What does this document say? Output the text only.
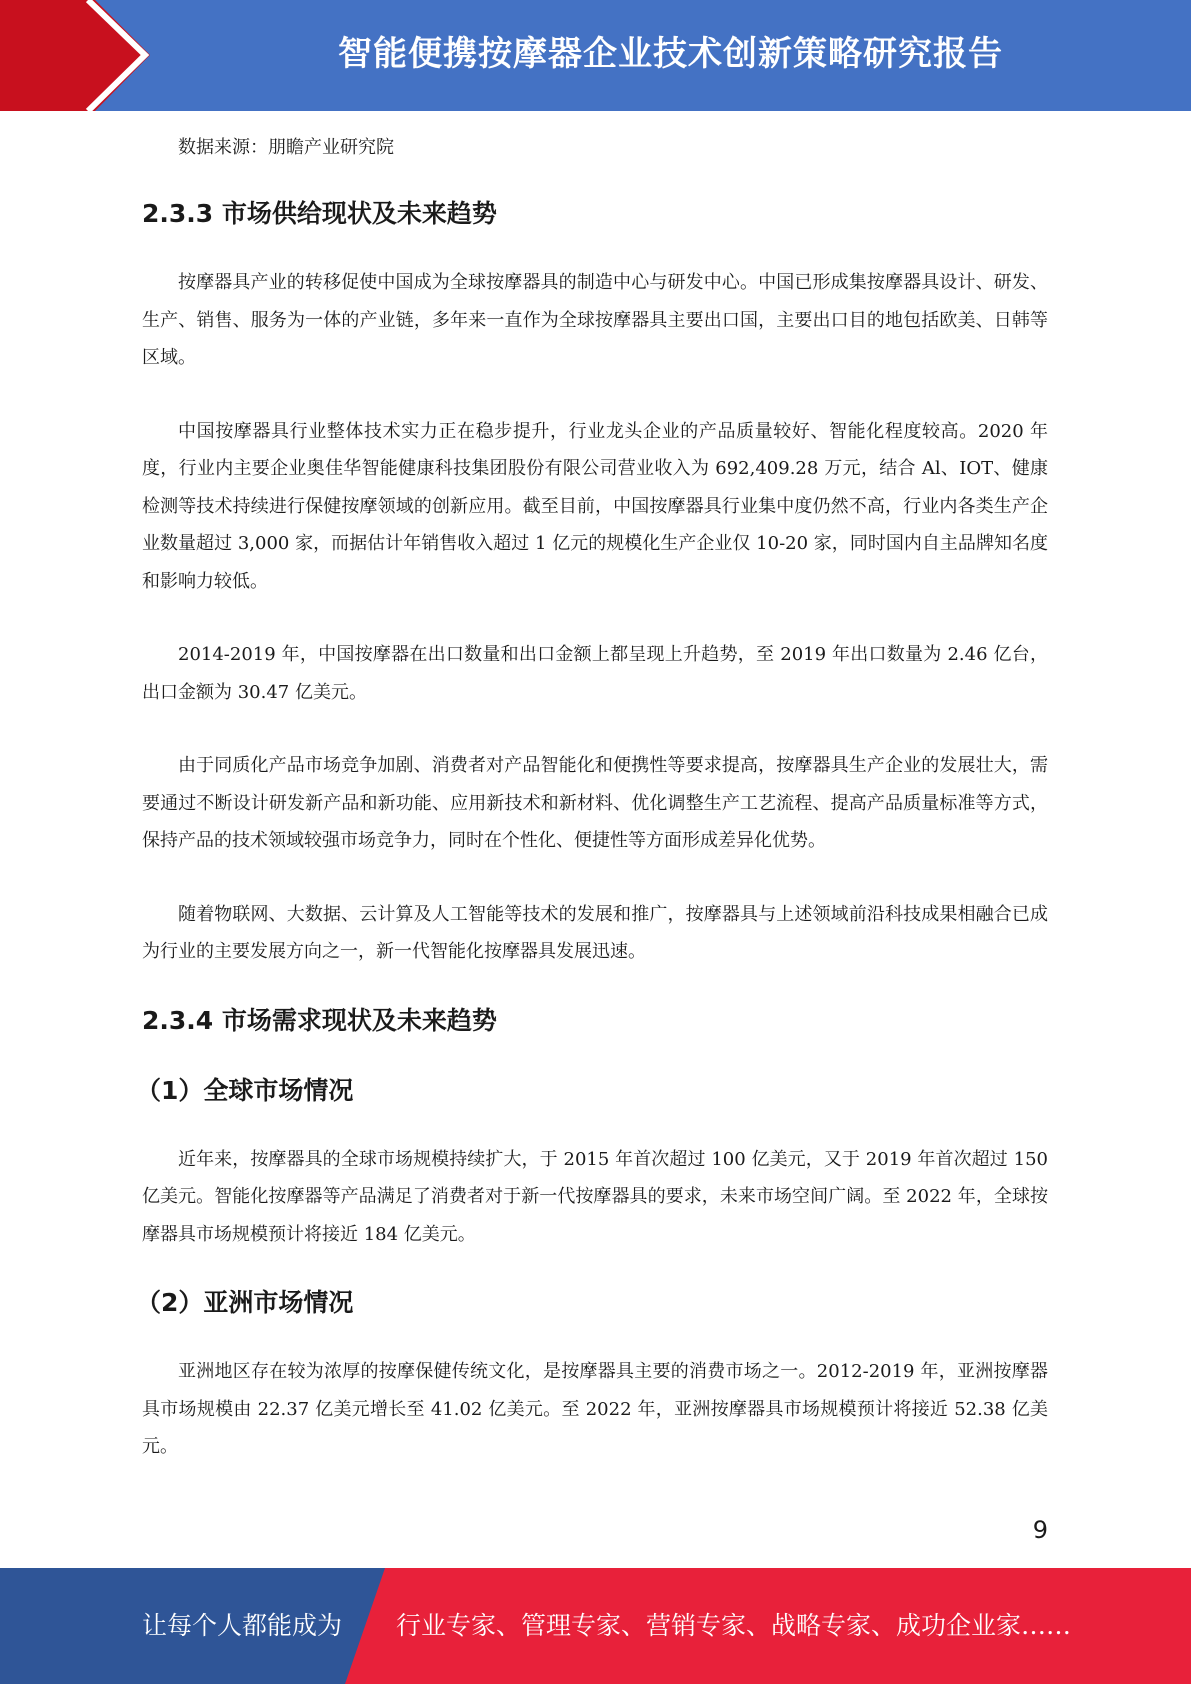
智能便携按摩器企业技术创新策略研究报告

数据来源：朋瞻产业研究院

2.3.3 市场供给现状及未来趋势

按摩器具产业的转移促使中国成为全球按摩器具的制造中心与研发中心。中国已形成集按摩器具设计、研发、生产、销售、服务为一体的产业链，多年来一直作为全球按摩器具主要出口国，主要出口目的地包括欧美、日韩等区域。

中国按摩器具行业整体技术实力正在稳步提升，行业龙头企业的产品质量较好、智能化程度较高。2020 年度，行业内主要企业奥佳华智能健康科技集团股份有限公司营业收入为 692,409.28 万元，结合 Al、IOT、健康检测等技术持续进行保健按摩领域的创新应用。截至目前，中国按摩器具行业集中度仍然不高，行业内各类生产企业数量超过 3,000 家，而据估计年销售收入超过 1 亿元的规模化生产企业仅 10-20 家，同时国内自主品牌知名度和影响力较低。

2014-2019 年，中国按摩器在出口数量和出口金额上都呈现上升趋势，至 2019 年出口数量为 2.46 亿台，出口金额为 30.47 亿美元。

由于同质化产品市场竞争加剧、消费者对产品智能化和便携性等要求提高，按摩器具生产企业的发展壮大，需要通过不断设计研发新产品和新功能、应用新技术和新材料、优化调整生产工艺流程、提高产品质量标准等方式，保持产品的技术领域较强市场竞争力，同时在个性化、便捷性等方面形成差异化优势。

随着物联网、大数据、云计算及人工智能等技术的发展和推广，按摩器具与上述领域前沿科技成果相融合已成为行业的主要发展方向之一，新一代智能化按摩器具发展迅速。

2.3.4 市场需求现状及未来趋势
（1）全球市场情况

近年来，按摩器具的全球市场规模持续扩大，于 2015 年首次超过 100 亿美元，又于 2019 年首次超过 150 亿美元。智能化按摩器等产品满足了消费者对于新一代按摩器具的要求，未来市场空间广阔。至 2022 年，全球按摩器具市场规模预计将接近 184 亿美元。

（2）亚洲市场情况

亚洲地区存在较为浓厚的按摩保健传统文化，是按摩器具主要的消费市场之一。2012-2019 年，亚洲按摩器具市场规模由 22.37 亿美元增长至 41.02 亿美元。至 2022 年，亚洲按摩器具市场规模预计将接近 52.38 亿美元。

9
让每个人都能成为 行业专家、管理专家、营销专家、战略专家、成功企业家……
